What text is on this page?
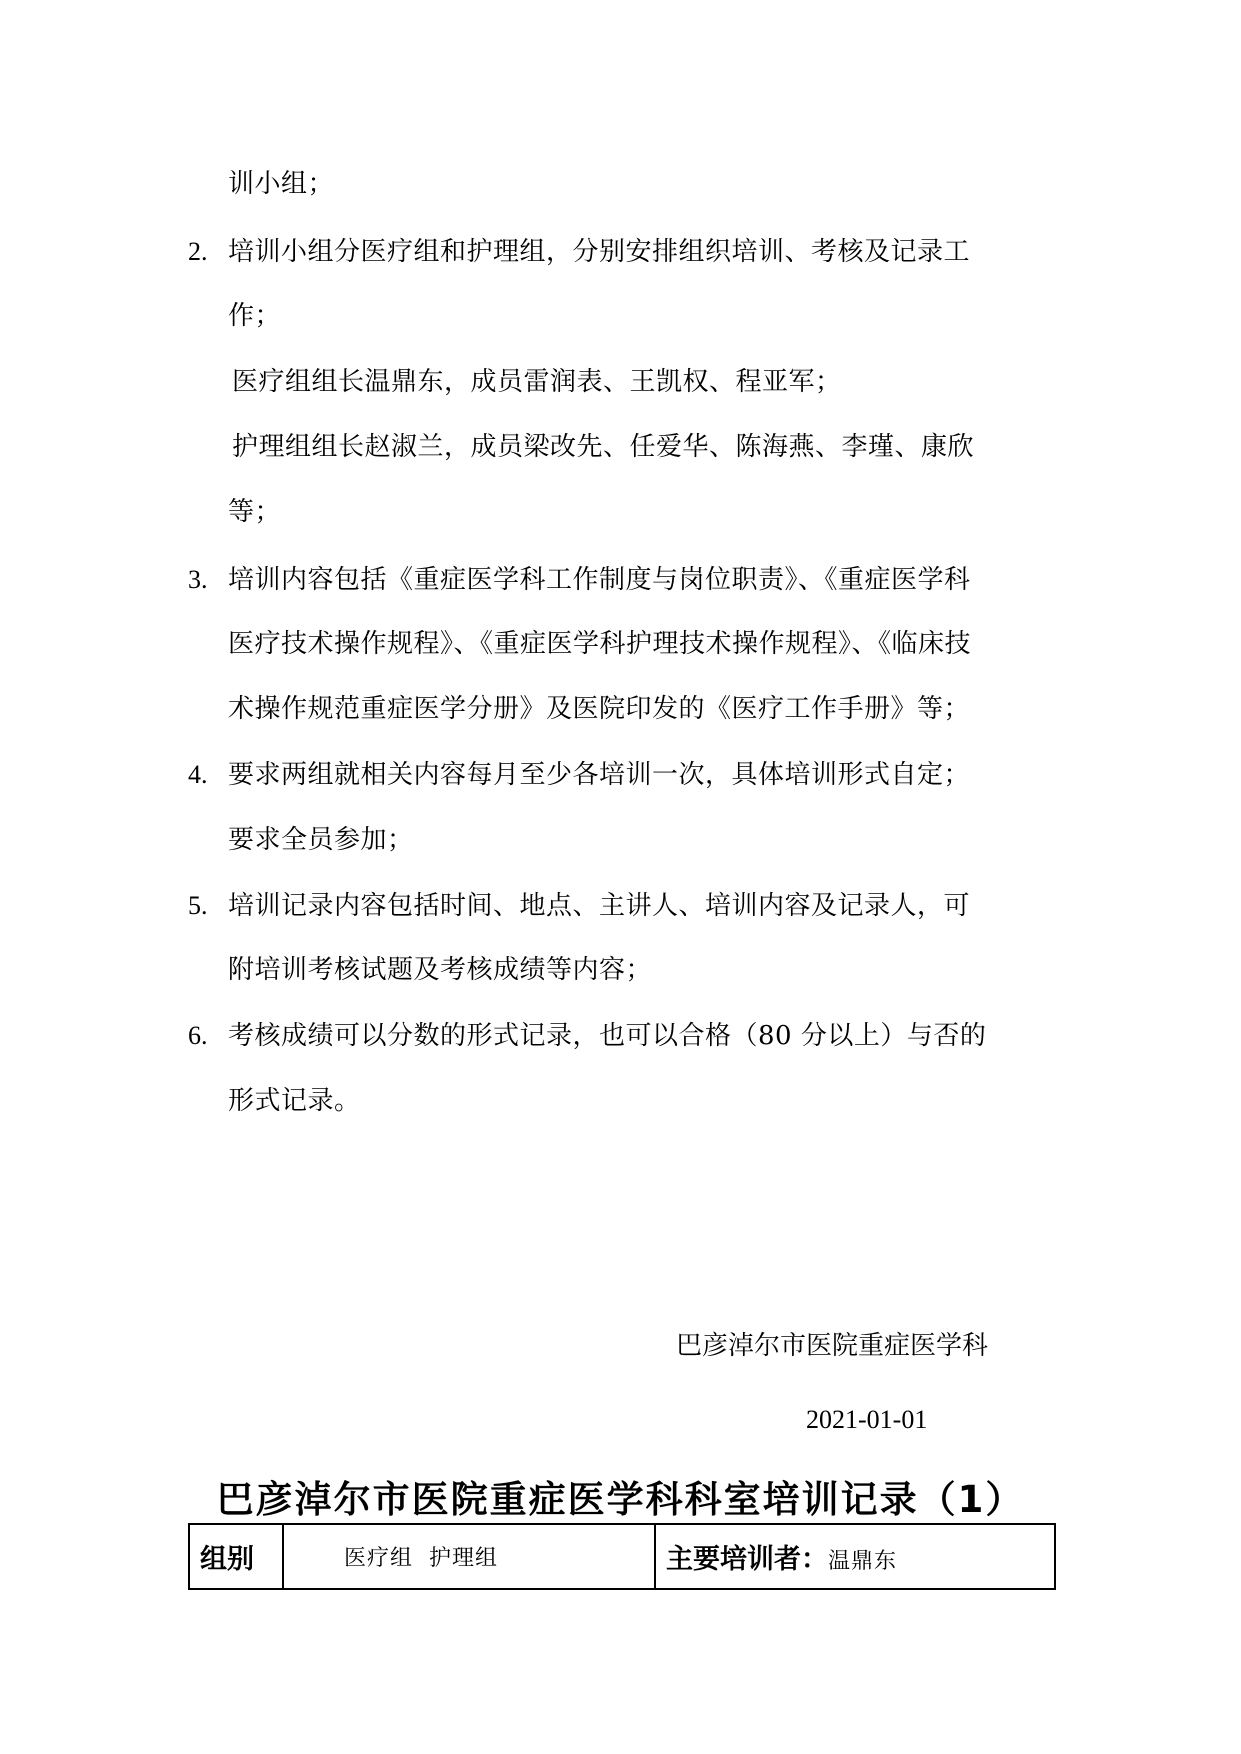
训小组；
2. 培训小组分医疗组和护理组，分别安排组织培训、考核及记录工
作；
医疗组组长温鼎东，成员雷润表、王凯权、程亚军；
护理组组长赵淑兰，成员梁改先、任爱华、陈海燕、李瑾、康欣
等；
3. 培训内容包括《重症医学科工作制度与岗位职责》、《重症医学科
医疗技术操作规程》、《重症医学科护理技术操作规程》、《临床技
术操作规范重症医学分册》及医院印发的《医疗工作手册》等；
4. 要求两组就相关内容每月至少各培训一次，具体培训形式自定；
要求全员参加；
5. 培训记录内容包括时间、地点、主讲人、培训内容及记录人，可
附培训考核试题及考核成绩等内容；
6. 考核成绩可以分数的形式记录，也可以合格（80 分以上）与否的
形式记录。
巴彦淖尔市医院重症医学科
2021-01-01
巴彦淖尔市医院重症医学科科室培训记录（1）
组别	医疗组  护理组	主要培训者：温鼎东
